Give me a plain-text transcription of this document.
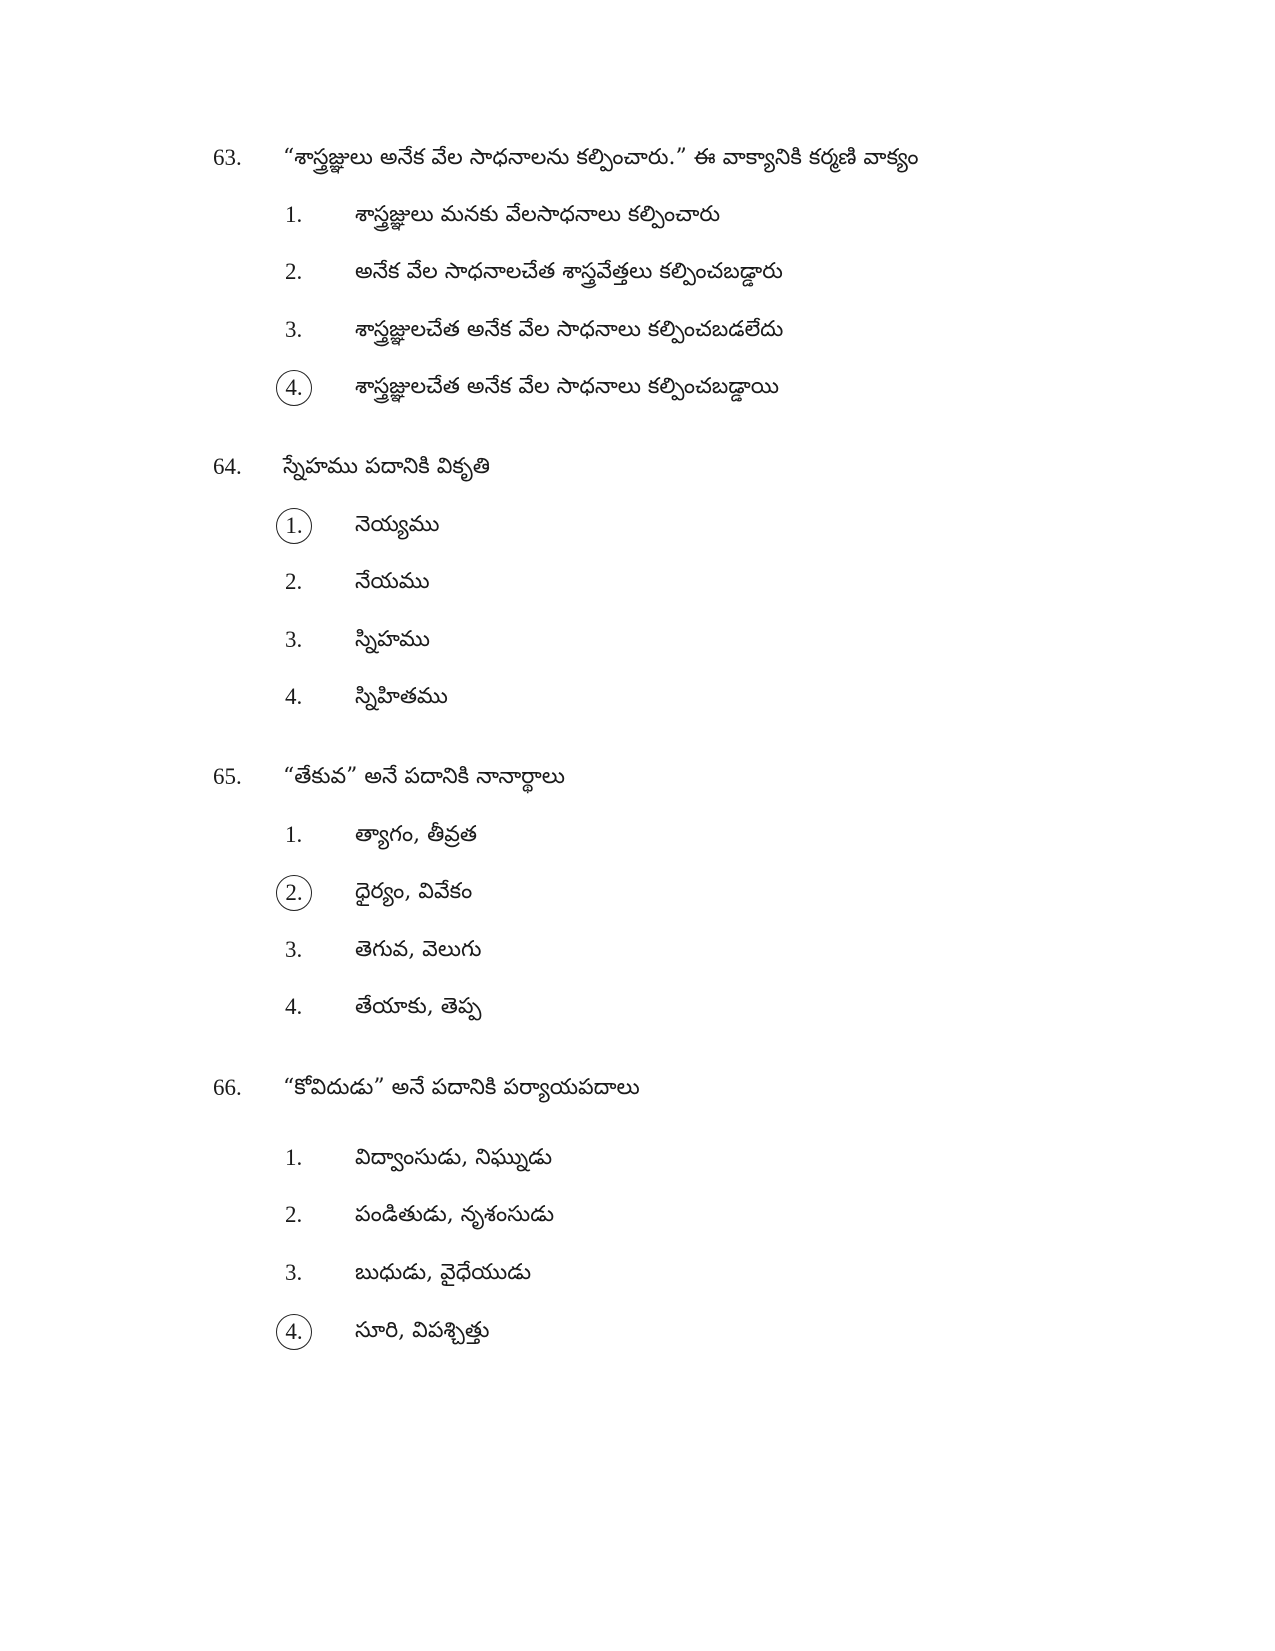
63. “శాస్త్రజ్ఞులు అనేక వేల సాధనాలను కల్పించారు.” ఈ వాక్యానికి కర్మణి వాక్యం
1. శాస్త్రజ్ఞులు మనకు వేలసాధనాలు కల్పించారు
2. అనేక వేల సాధనాలచేత శాస్త్రవేత్తలు కల్పించబడ్డారు
3. శాస్త్రజ్ఞులచేత అనేక వేల సాధనాలు కల్పించబడలేదు
4.	శాస్త్రజ్ఞులచేత అనేక వేల సాధనాలు కల్పించబడ్డాయి
64. స్నేహము పదానికి వికృతి
1.	నెయ్యము
2. నేయము
3. స్నిహము
4. స్నిహితము
65. “తేకువ” అనే పదానికి నానార్థాలు
1. త్యాగం, తీవ్రత
2.	ధైర్యం, వివేకం
3. తెగువ, వెలుగు
4. తేయాకు, తెప్ప
66. “కోవిదుడు” అనే పదానికి పర్యాయపదాలు
1. విద్వాంసుడు, నిఘ్నుడు
2. పండితుడు, నృశంసుడు
3. బుధుడు, వైధేయుడు
4.	సూరి, విపశ్చిత్తు
